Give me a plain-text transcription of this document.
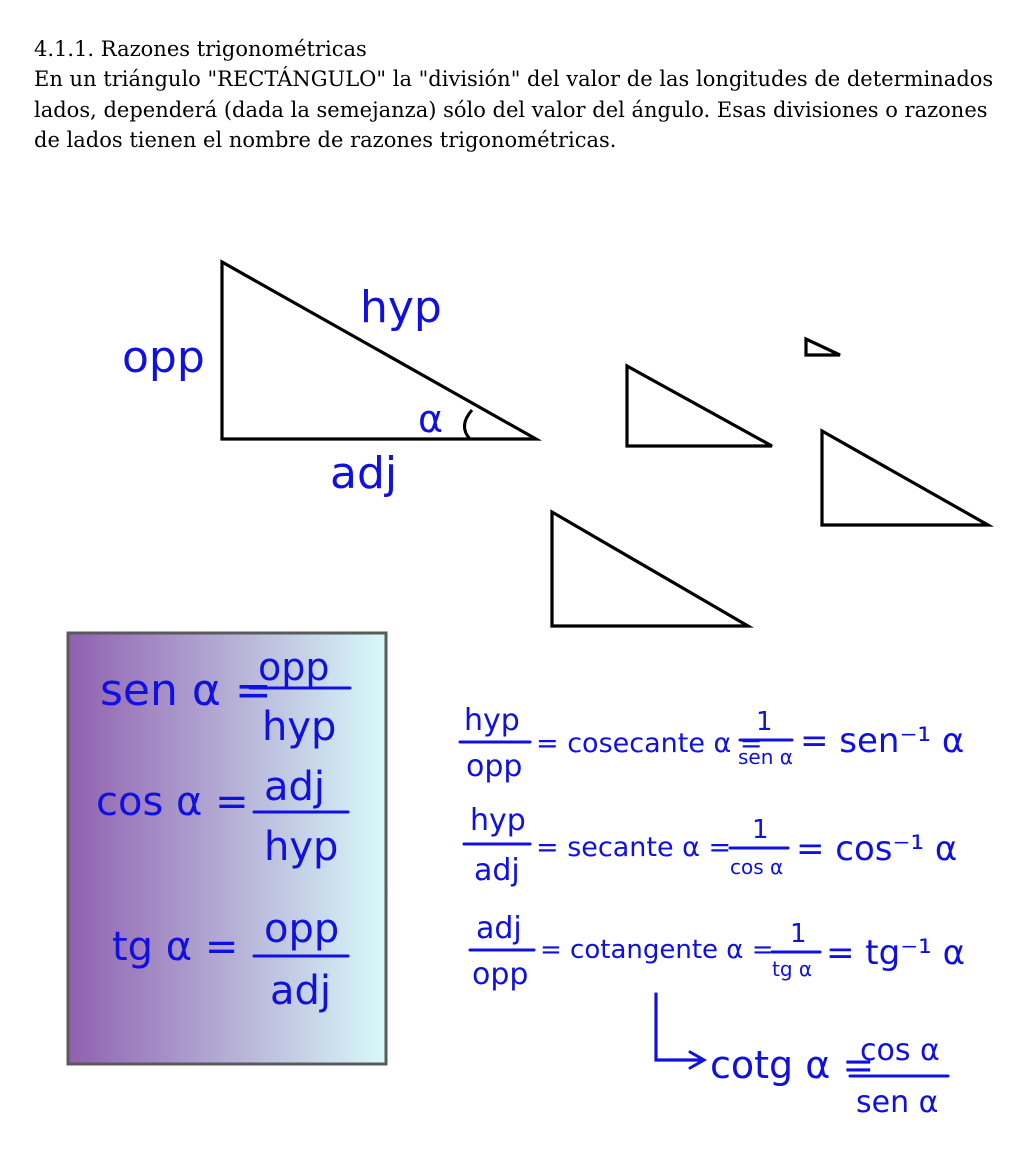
4.1.1. Razones trigonométricas

En un triángulo "RECTÁNGULO" la "división" del valor de las longitudes de determinados lados, dependerá (dada la semejanza) sólo del valor del ángulo. Esas divisiones o razones de lados tienen el nombre de razones trigonométricas.

hyp
opp
adj
α
sen α =
opp
hyp
cos α = adj
hyp
tg α = opp
adj
hyp
opp
= cosecante α =
1
sen α = sen⁻¹ α
hyp
adj
= secante α =
1
cos α = cos⁻¹ α
adj
opp
= cotangente α =
1
tg α = tg⁻¹ α
cotg α =
cos α
sen α
